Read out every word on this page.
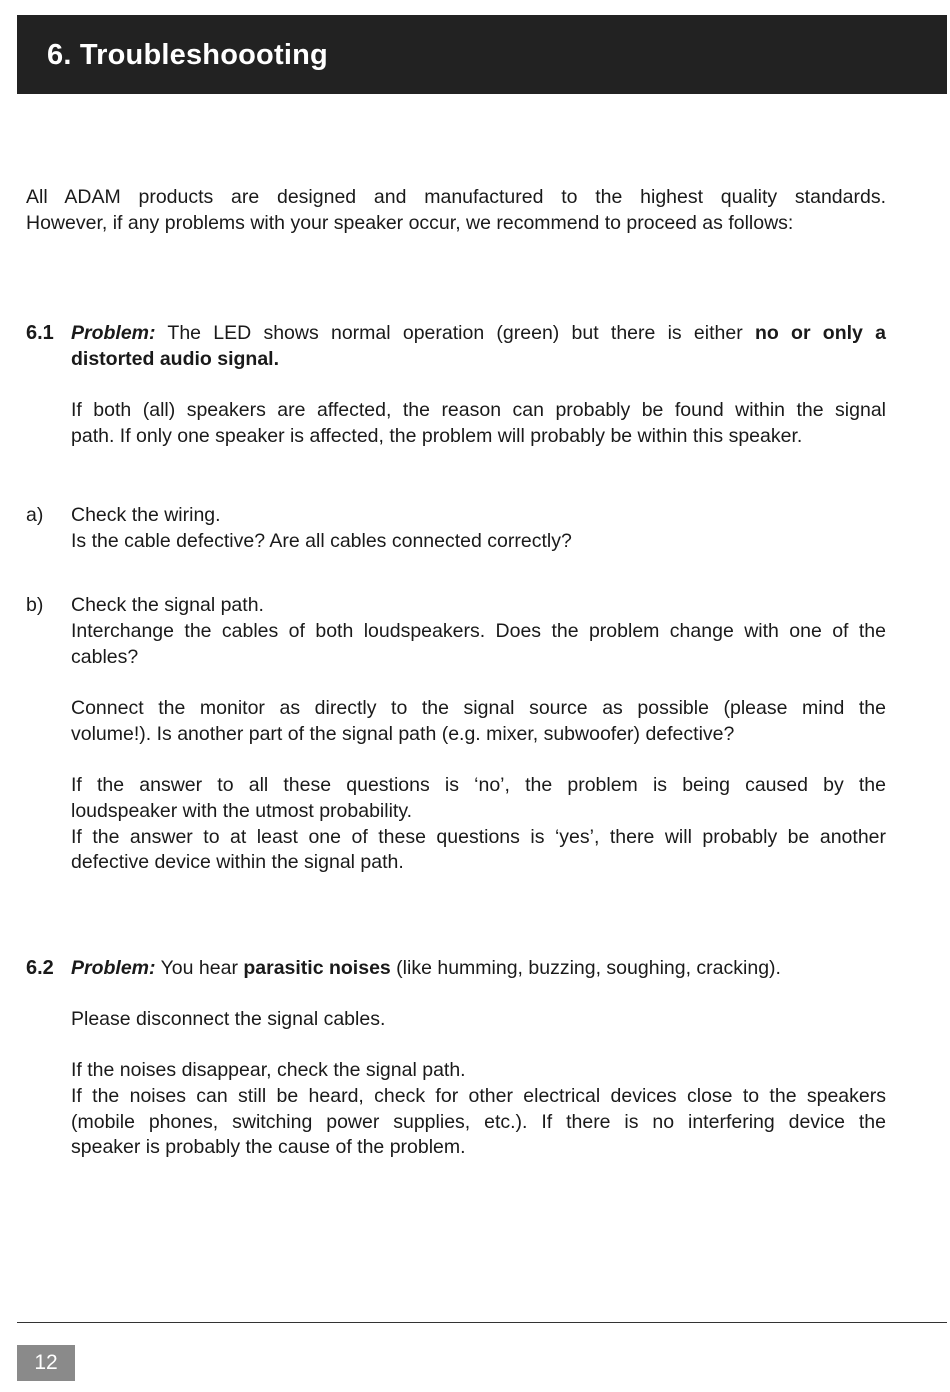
6. Troubleshoooting
All ADAM products are designed and manufactured to the highest quality standards.
However, if any problems with your speaker occur, we recommend to proceed as follows:
6.1 Problem: The LED shows normal operation (green) but there is either no or only a
distorted audio signal.
If both (all) speakers are affected, the reason can probably be found within the signal
path. If only one speaker is affected, the problem will probably be within this speaker.
a) Check the wiring.
Is the cable defective? Are all cables connected correctly?
b) Check the signal path.
Interchange the cables of both loudspeakers. Does the problem change with one of the
cables?
Connect the monitor as directly to the signal source as possible (please mind the
volume!). Is another part of the signal path (e.g. mixer, subwoofer) defective?
If the answer to all these questions is ‘no’, the problem is being caused by the
loudspeaker with the utmost probability.
If the answer to at least one of these questions is ‘yes’, there will probably be another
defective device within the signal path.
6.2 Problem: You hear parasitic noises (like humming, buzzing, soughing, cracking).
Please disconnect the signal cables.
If the noises disappear, check the signal path.
If the noises can still be heard, check for other electrical devices close to the speakers
(mobile phones, switching power supplies, etc.). If there is no interfering device the
speaker is probably the cause of the problem.
12
